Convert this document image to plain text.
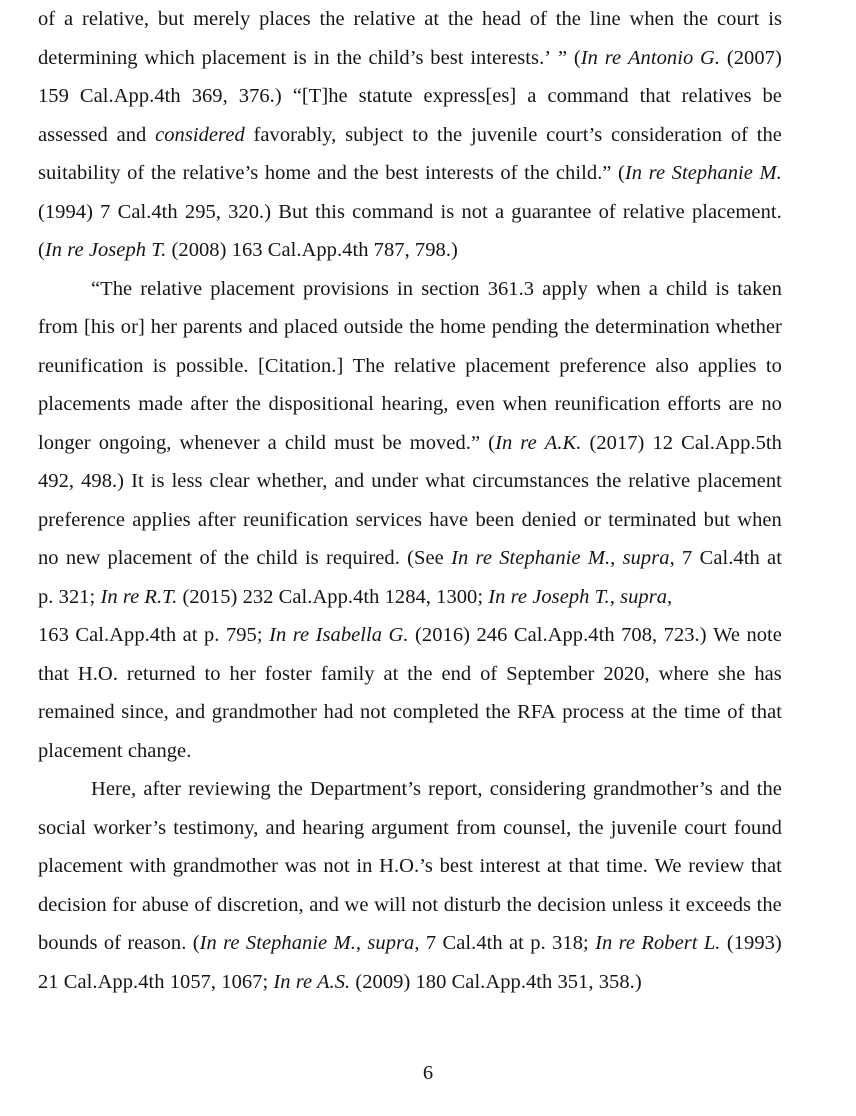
of a relative, but merely places the relative at the head of the line when the court is
determining which placement is in the child’s best interests.’ ” (In re Antonio G. (2007)
159 Cal.App.4th 369, 376.) “[T]he statute express[es] a command that relatives be
assessed and considered favorably, subject to the juvenile court’s consideration of the
suitability of the relative’s home and the best interests of the child.” (In re Stephanie M.
(1994) 7 Cal.4th 295, 320.) But this command is not a guarantee of relative placement.
(In re Joseph T. (2008) 163 Cal.App.4th 787, 798.)
“The relative placement provisions in section 361.3 apply when a child is taken
from [his or] her parents and placed outside the home pending the determination whether
reunification is possible. [Citation.] The relative placement preference also applies to
placements made after the dispositional hearing, even when reunification efforts are no
longer ongoing, whenever a child must be moved.” (In re A.K. (2017) 12 Cal.App.5th
492, 498.) It is less clear whether, and under what circumstances the relative placement
preference applies after reunification services have been denied or terminated but when
no new placement of the child is required. (See In re Stephanie M., supra, 7 Cal.4th at
p. 321; In re R.T. (2015) 232 Cal.App.4th 1284, 1300; In re Joseph T., supra,
163 Cal.App.4th at p. 795; In re Isabella G. (2016) 246 Cal.App.4th 708, 723.) We note
that H.O. returned to her foster family at the end of September 2020, where she has
remained since, and grandmother had not completed the RFA process at the time of that
placement change.
Here, after reviewing the Department’s report, considering grandmother’s and the
social worker’s testimony, and hearing argument from counsel, the juvenile court found
placement with grandmother was not in H.O.’s best interest at that time. We review that
decision for abuse of discretion, and we will not disturb the decision unless it exceeds the
bounds of reason. (In re Stephanie M., supra, 7 Cal.4th at p. 318; In re Robert L. (1993)
21 Cal.App.4th 1057, 1067; In re A.S. (2009) 180 Cal.App.4th 351, 358.)
6
